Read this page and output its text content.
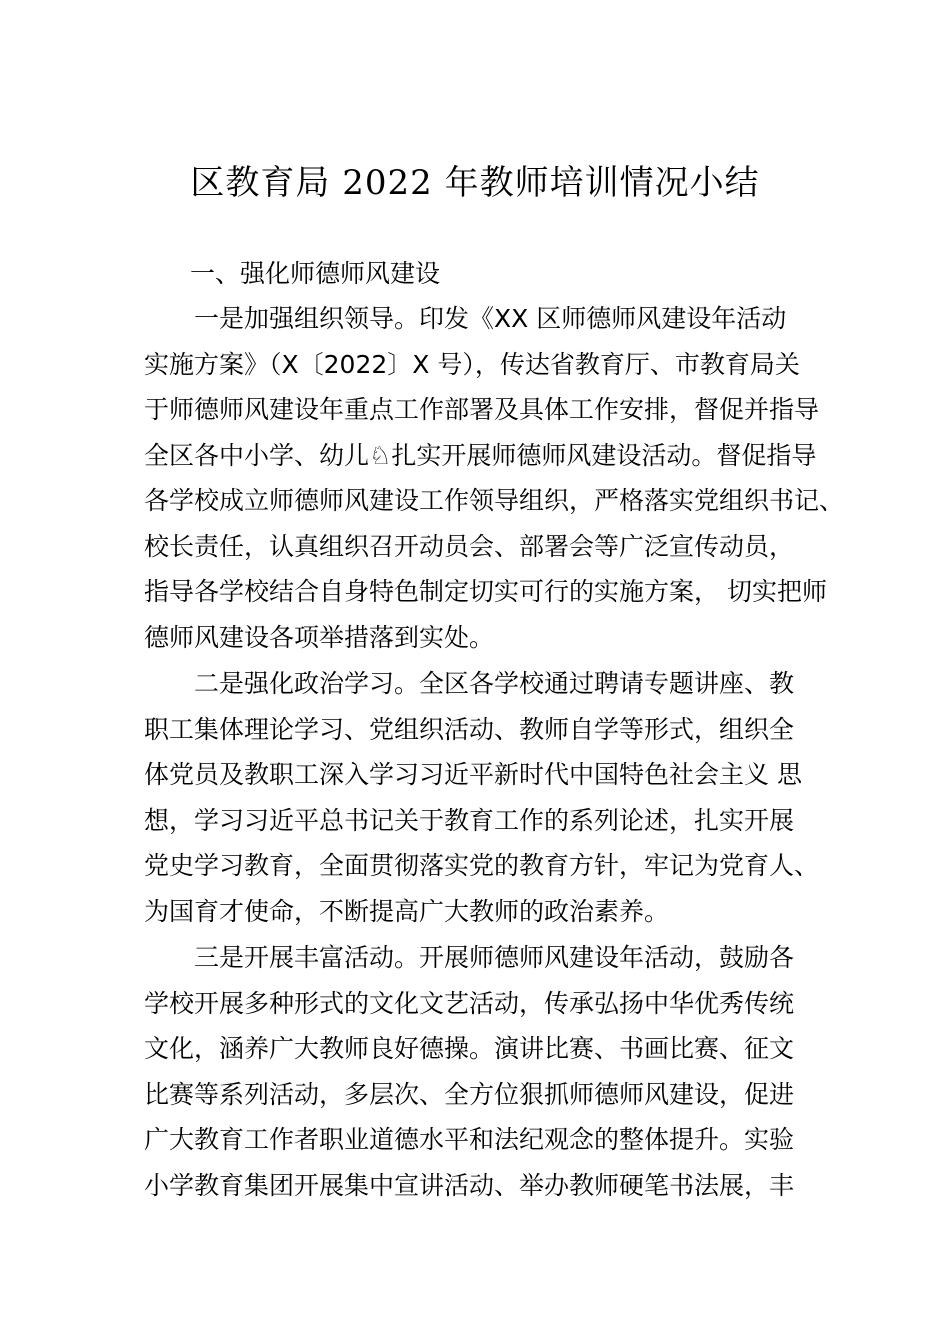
区教育局 2022 年教师培训情况小结
一、强化师德师风建设
一是加强组织领导。印发《XX 区师德师风建设年活动
实施方案》（X〔2022〕X 号），传达省教育厅、市教育局关
于师德师风建设年重点工作部署及具体工作安排，督促并指导
全区各中小学、幼儿♘扎实开展师德师风建设活动。督促指导
各学校成立师德师风建设工作领导组织，严格落实党组织书记、
校长责任，认真组织召开动员会、部署会等广泛宣传动员，
指导各学校结合自身特色制定切实可行的实施方案， 切实把师
德师风建设各项举措落到实处。
二是强化政治学习。全区各学校通过聘请专题讲座、教
职工集体理论学习、党组织活动、教师自学等形式，组织全
体党员及教职工深入学习习近平新时代中国特色社会主义 思
想，学习习近平总书记关于教育工作的系列论述，扎实开展
党史学习教育，全面贯彻落实党的教育方针，牢记为党育人、
为国育才使命，不断提高广大教师的政治素养。
三是开展丰富活动。开展师德师风建设年活动，鼓励各
学校开展多种形式的文化文艺活动，传承弘扬中华优秀传统
文化，涵养广大教师良好德操。演讲比赛、书画比赛、征文
比赛等系列活动，多层次、全方位狠抓师德师风建设，促进
广大教育工作者职业道德水平和法纪观念的整体提升。实验
小学教育集团开展集中宣讲活动、举办教师硬笔书法展，丰
